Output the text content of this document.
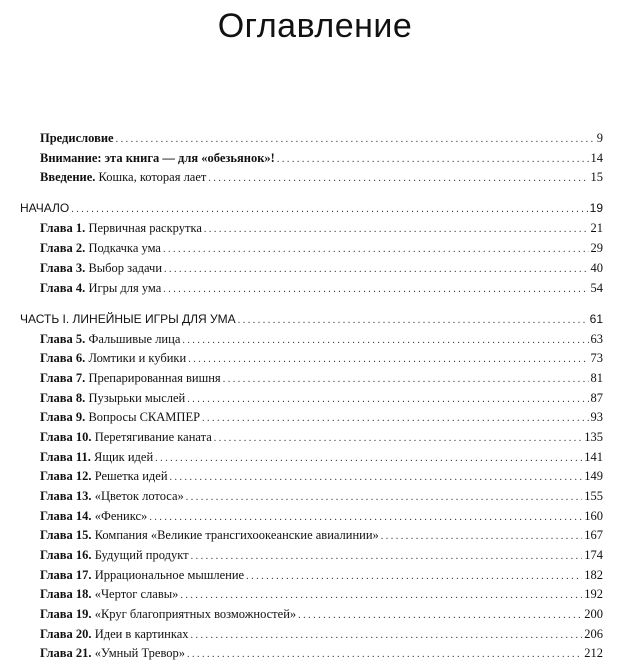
Оглавление
Предисловие . . .	9
Внимание: эта книга — для «обезьянок»! . . .	14
Введение. Кошка, которая лает . . .	15
НАЧАЛО . . .	19
Глава 1. Первичная раскрутка . . .	21
Глава 2. Подкачка ума . . .	29
Глава 3. Выбор задачи . . .	40
Глава 4. Игры для ума . . .	54
ЧАСТЬ I. ЛИНЕЙНЫЕ ИГРЫ ДЛЯ УМА . . .	61
Глава 5. Фальшивые лица . . .	63
Глава 6. Ломтики и кубики . . .	73
Глава 7. Препарированная вишня . . .	81
Глава 8. Пузырьки мыслей . . .	87
Глава 9. Вопросы СКАМПЕР . . .	93
Глава 10. Перетягивание каната . . .	135
Глава 11. Ящик идей . . .	141
Глава 12. Решетка идей . . .	149
Глава 13. «Цветок лотоса» . . .	155
Глава 14. «Феникс» . . .	160
Глава 15. Компания «Великие трансгихоокеанские авиалинии» . . .	167
Глава 16. Будущий продукт . . .	174
Глава 17. Иррациональное мышление . . .	182
Глава 18. «Чертог славы» . . .	192
Глава 19. «Круг благоприятных возможностей» . . .	200
Глава 20. Идеи в картинках . . .	206
Глава 21. «Умный Тревор» . . .	212
